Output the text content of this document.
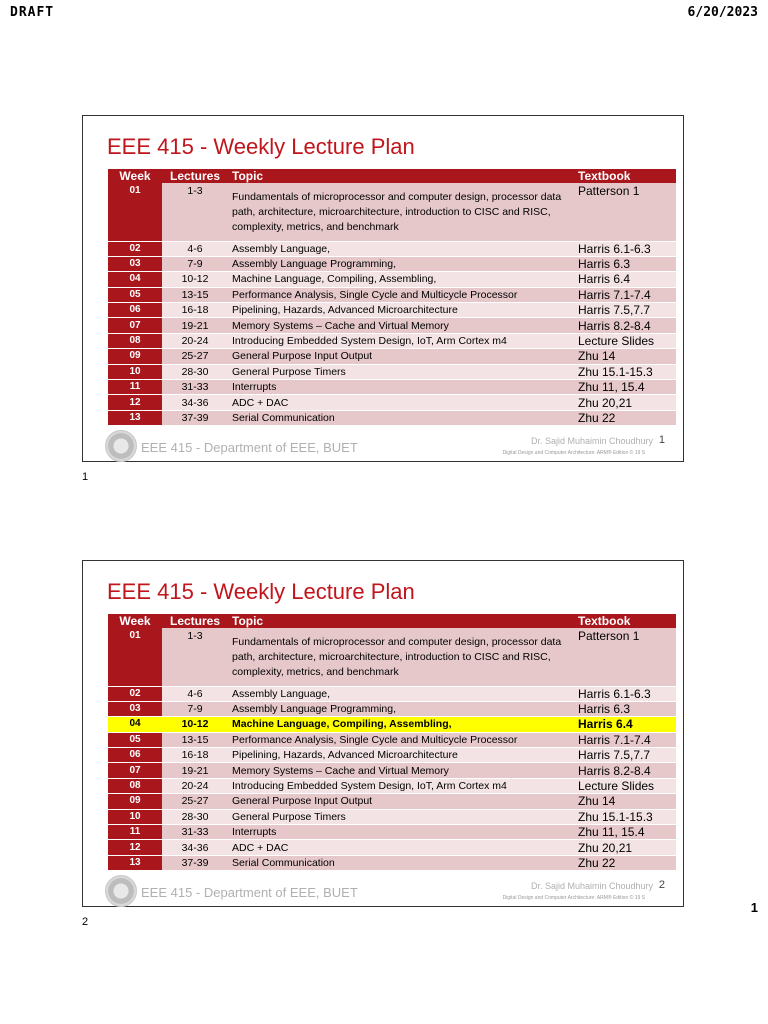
DRAFT	6/20/2023
EEE 415 - Weekly Lecture Plan
Week	Lectures	Topic	Textbook
01	1-3	Fundamentals of microprocessor and computer design, processor data path, architecture, microarchitecture, introduction to CISC and RISC, complexity, metrics, and benchmark	Patterson 1
02	4-6	Assembly Language,	Harris 6.1-6.3
03	7-9	Assembly Language Programming,	Harris 6.3
04	10-12	Machine Language, Compiling, Assembling,	Harris 6.4
05	13-15	Performance Analysis, Single Cycle and Multicycle Processor	Harris 7.1-7.4
06	16-18	Pipelining, Hazards, Advanced Microarchitecture	Harris 7.5,7.7
07	19-21	Memory Systems – Cache and Virtual Memory	Harris 8.2-8.4
08	20-24	Introducing Embedded System Design, IoT, Arm Cortex m4	Lecture Slides
09	25-27	General Purpose Input Output	Zhu 14
10	28-30	General Purpose Timers	Zhu 15.1-15.3
11	31-33	Interrupts	Zhu 11, 15.4
12	34-36	ADC + DAC	Zhu 20,21
13	37-39	Serial Communication	Zhu 22
EEE 415 - Department of EEE, BUET	Dr. Sajid Muhaimin Choudhury 1
Digital Design and Computer Architecture: ARM® Edition © 19 S
1
EEE 415 - Weekly Lecture Plan
Week	Lectures	Topic	Textbook
01	1-3	Fundamentals of microprocessor and computer design, processor data path, architecture, microarchitecture, introduction to CISC and RISC, complexity, metrics, and benchmark	Patterson 1
02	4-6	Assembly Language,	Harris 6.1-6.3
03	7-9	Assembly Language Programming,	Harris 6.3
04	10-12	Machine Language, Compiling, Assembling,	Harris 6.4
05	13-15	Performance Analysis, Single Cycle and Multicycle Processor	Harris 7.1-7.4
06	16-18	Pipelining, Hazards, Advanced Microarchitecture	Harris 7.5,7.7
07	19-21	Memory Systems – Cache and Virtual Memory	Harris 8.2-8.4
08	20-24	Introducing Embedded System Design, IoT, Arm Cortex m4	Lecture Slides
09	25-27	General Purpose Input Output	Zhu 14
10	28-30	General Purpose Timers	Zhu 15.1-15.3
11	31-33	Interrupts	Zhu 11, 15.4
12	34-36	ADC + DAC	Zhu 20,21
13	37-39	Serial Communication	Zhu 22
EEE 415 - Department of EEE, BUET	Dr. Sajid Muhaimin Choudhury 2
Digital Design and Computer Architecture: ARM® Edition © 19 S
2
1
